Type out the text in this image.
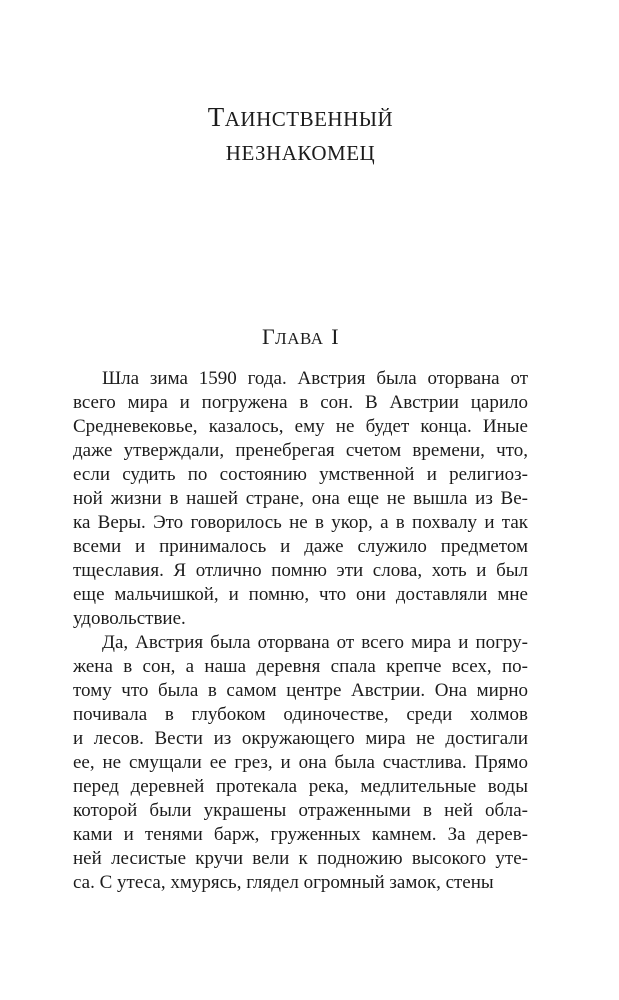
ТАИНСТВЕННЫЙ
НЕЗНАКОМЕЦ
ГЛАВА I
Шла зима 1590 года. Австрия была оторвана от
всего мира и погружена в сон. В Австрии царило
Средневековье, казалось, ему не будет конца. Иные
даже утверждали, пренебрегая счетом времени, что,
если судить по состоянию умственной и религиоз-
ной жизни в нашей стране, она еще не вышла из Ве-
ка Веры. Это говорилось не в укор, а в похвалу и так
всеми и принималось и даже служило предметом
тщеславия. Я отлично помню эти слова, хоть и был
еще мальчишкой, и помню, что они доставляли мне
удовольствие.
Да, Австрия была оторвана от всего мира и погру-
жена в сон, а наша деревня спала крепче всех, по-
тому что была в самом центре Австрии. Она мирно
почивала в глубоком одиночестве, среди холмов
и лесов. Вести из окружающего мира не достигали
ее, не смущали ее грез, и она была счастлива. Прямо
перед деревней протекала река, медлительные воды
которой были украшены отраженными в ней обла-
ками и тенями барж, груженных камнем. За дерев-
ней лесистые кручи вели к подножию высокого уте-
са. С утеса, хмурясь, глядел огромный замок, стены
